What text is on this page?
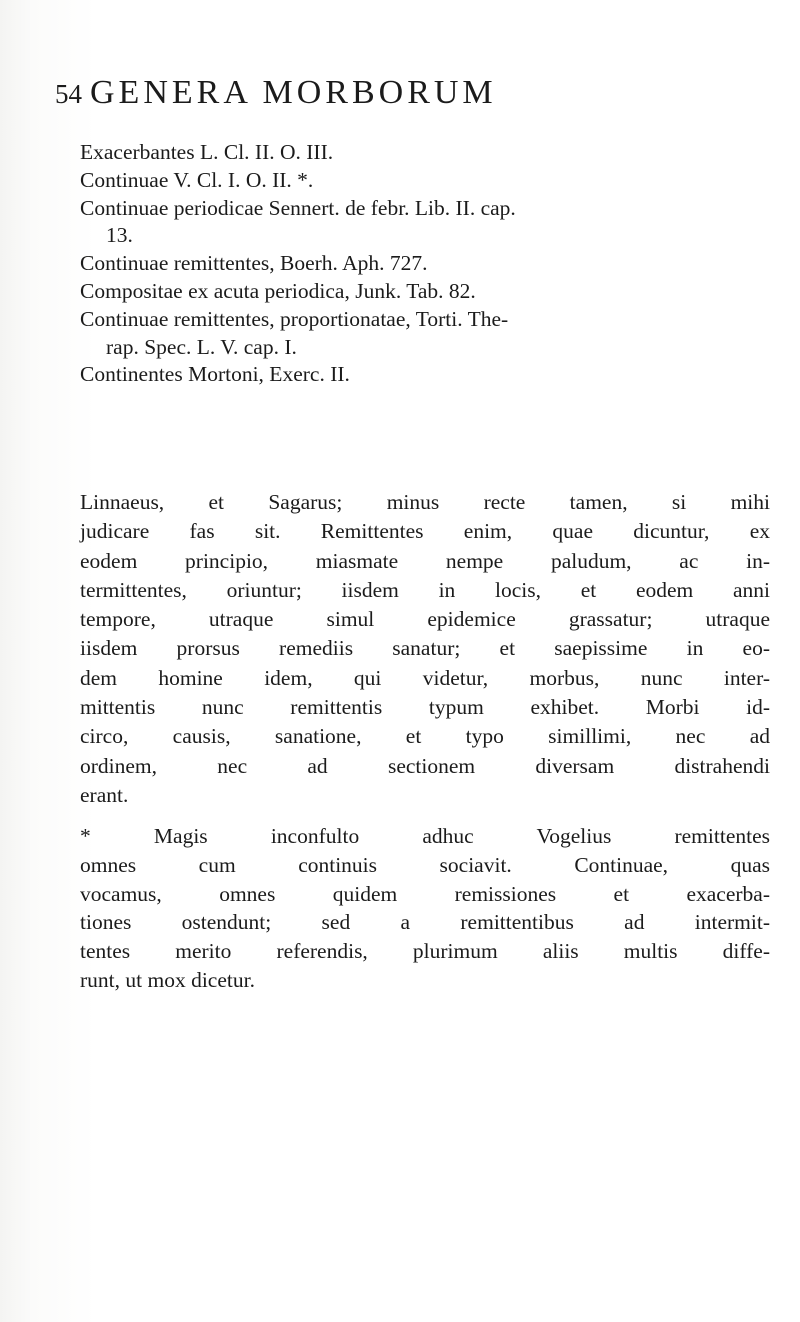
54 GENERA MORBORUM
Exacerbantes L. Cl. II. O. III.
Continuae V. Cl. I. O. II. *.
Continuae periodicae Sennert. de febr. Lib. II. cap.
13.
Continuae remittentes, Boerh. Aph. 727.
Compositae ex acuta periodica, Junk. Tab. 82.
Continuae remittentes, proportionatae, Torti. The-
rap. Spec. L. V. cap. I.
Continentes Mortoni, Exerc. II.
Linnaeus, et Sagarus; minus recte tamen, si mihi
judicare fas sit. Remittentes enim, quae dicuntur, ex
eodem principio, miasmate nempe paludum, ac in-
termittentes, oriuntur; iisdem in locis, et eodem anni
tempore, utraque simul epidemice grassatur; utraque
iisdem prorsus remediis sanatur; et saepissime in eo-
dem homine idem, qui videtur, morbus, nunc inter-
mittentis nunc remittentis typum exhibet. Morbi id-
circo, causis, sanatione, et typo simillimi, nec ad
ordinem, nec ad sectionem diversam distrahendi
erant.
* Magis inconfulto adhuc Vogelius remittentes
omnes cum continuis sociavit. Continuae, quas
vocamus, omnes quidem remissiones et exacerba-
tiones ostendunt; sed a remittentibus ad intermit-
tentes merito referendis, plurimum aliis multis diffe-
runt, ut mox dicetur.
